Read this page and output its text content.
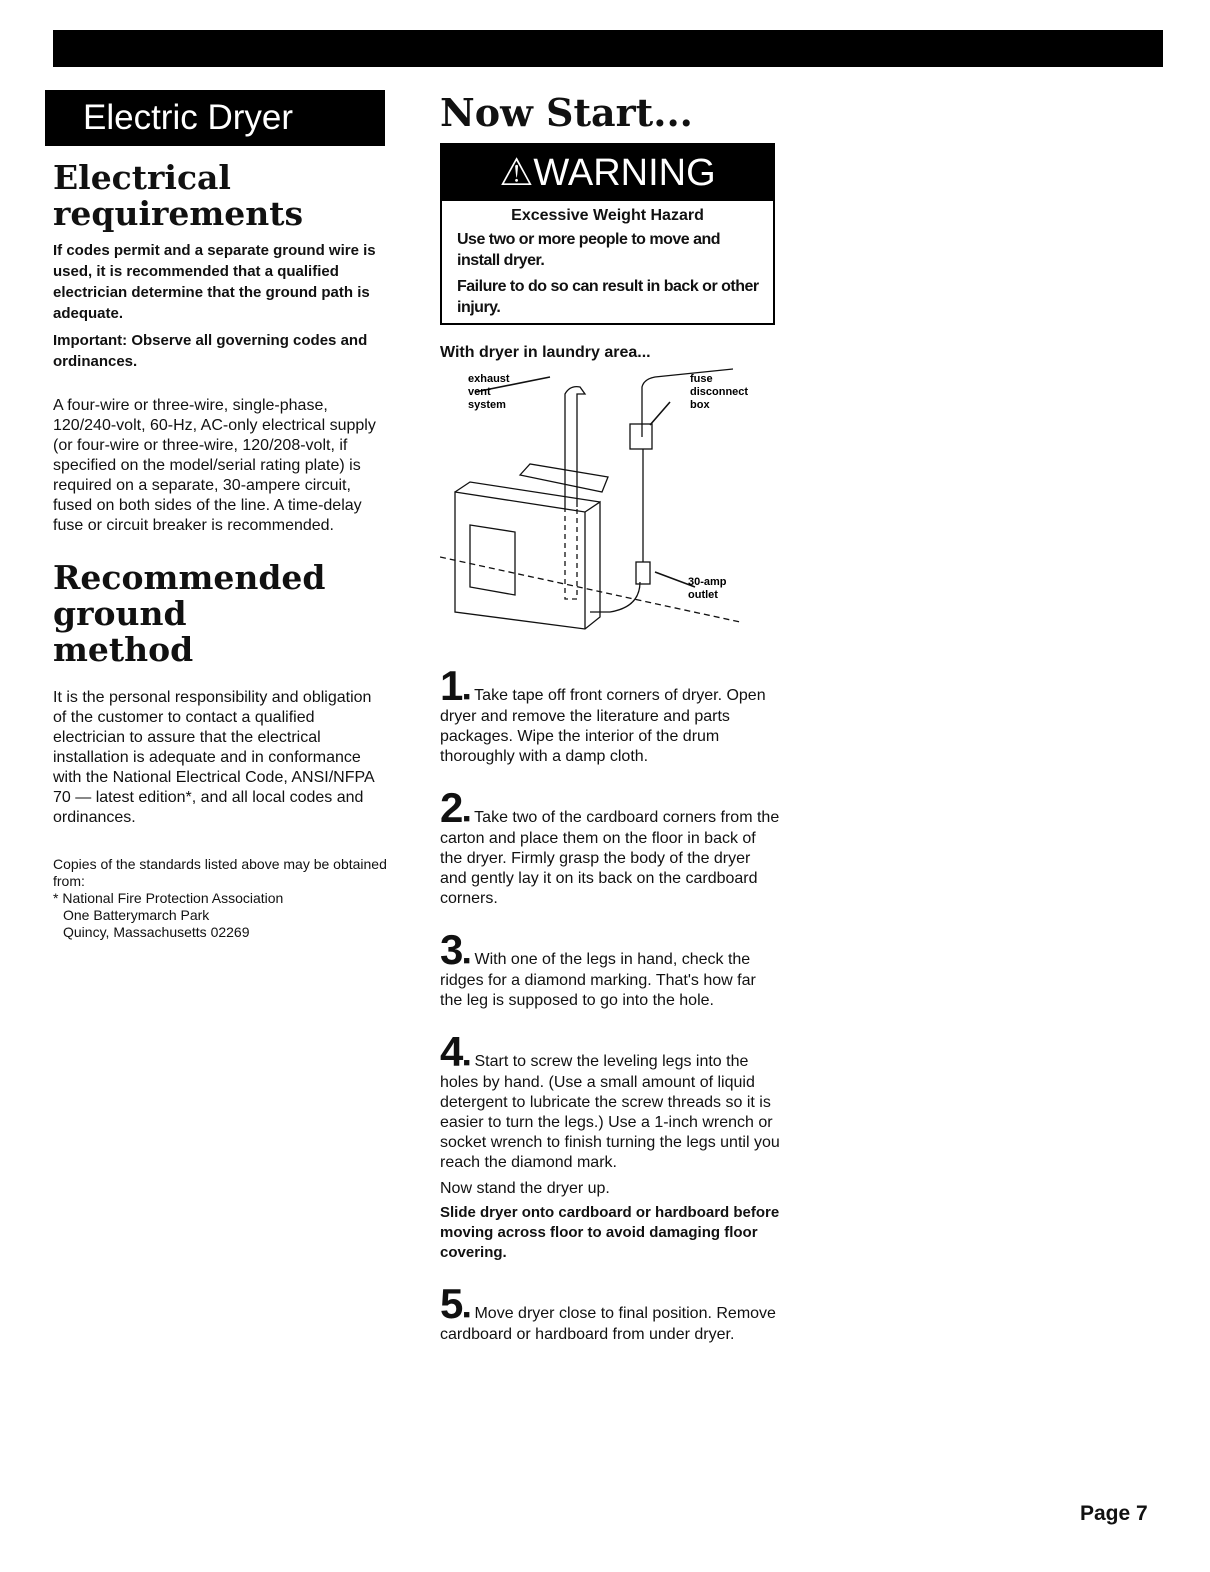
Electric Dryer
Electrical requirements

If codes permit and a separate ground wire is used, it is recommended that a qualified electrician determine that the ground path is adequate.

Important: Observe all governing codes and ordinances.

A four-wire or three-wire, single-phase, 120/240-volt, 60-Hz, AC-only electrical supply (or four-wire or three-wire, 120/208-volt, if specified on the model/serial rating plate) is required on a separate, 30-ampere circuit, fused on both sides of the line. A time-delay fuse or circuit breaker is recommended.

Recommended ground method

It is the personal responsibility and obligation of the customer to contact a qualified electrician to assure that the electrical installation is adequate and in conformance with the National Electrical Code, ANSI/NFPA 70 — latest edition*, and all local codes and ordinances.

Copies of the standards listed above may be obtained from:

* National Fire Protection Association

One Batterymarch Park

Quincy, Massachusetts 02269

Now Start...
⚠WARNING
Excessive Weight Hazard
Use two or more people to move and install dryer.
Failure to do so can result in back or other injury.

With dryer in laundry area...

exhaust vent system
fuse disconnect box
30-amp outlet

1■ Take tape off front corners of dryer. Open dryer and remove the literature and parts packages. Wipe the interior of the drum thoroughly with a damp cloth.

2■ Take two of the cardboard corners from the carton and place them on the floor in back of the dryer. Firmly grasp the body of the dryer and gently lay it on its back on the cardboard corners.

3■ With one of the legs in hand, check the ridges for a diamond marking. That's how far the leg is supposed to go into the hole.

4■ Start to screw the leveling legs into the holes by hand. (Use a small amount of liquid detergent to lubricate the screw threads so it is easier to turn the legs.) Use a 1-inch wrench or socket wrench to finish turning the legs until you reach the diamond mark.
Now stand the dryer up.
Slide dryer onto cardboard or hardboard before moving across floor to avoid damaging floor covering.

5■ Move dryer close to final position. Remove cardboard or hardboard from under dryer.

Page 7
